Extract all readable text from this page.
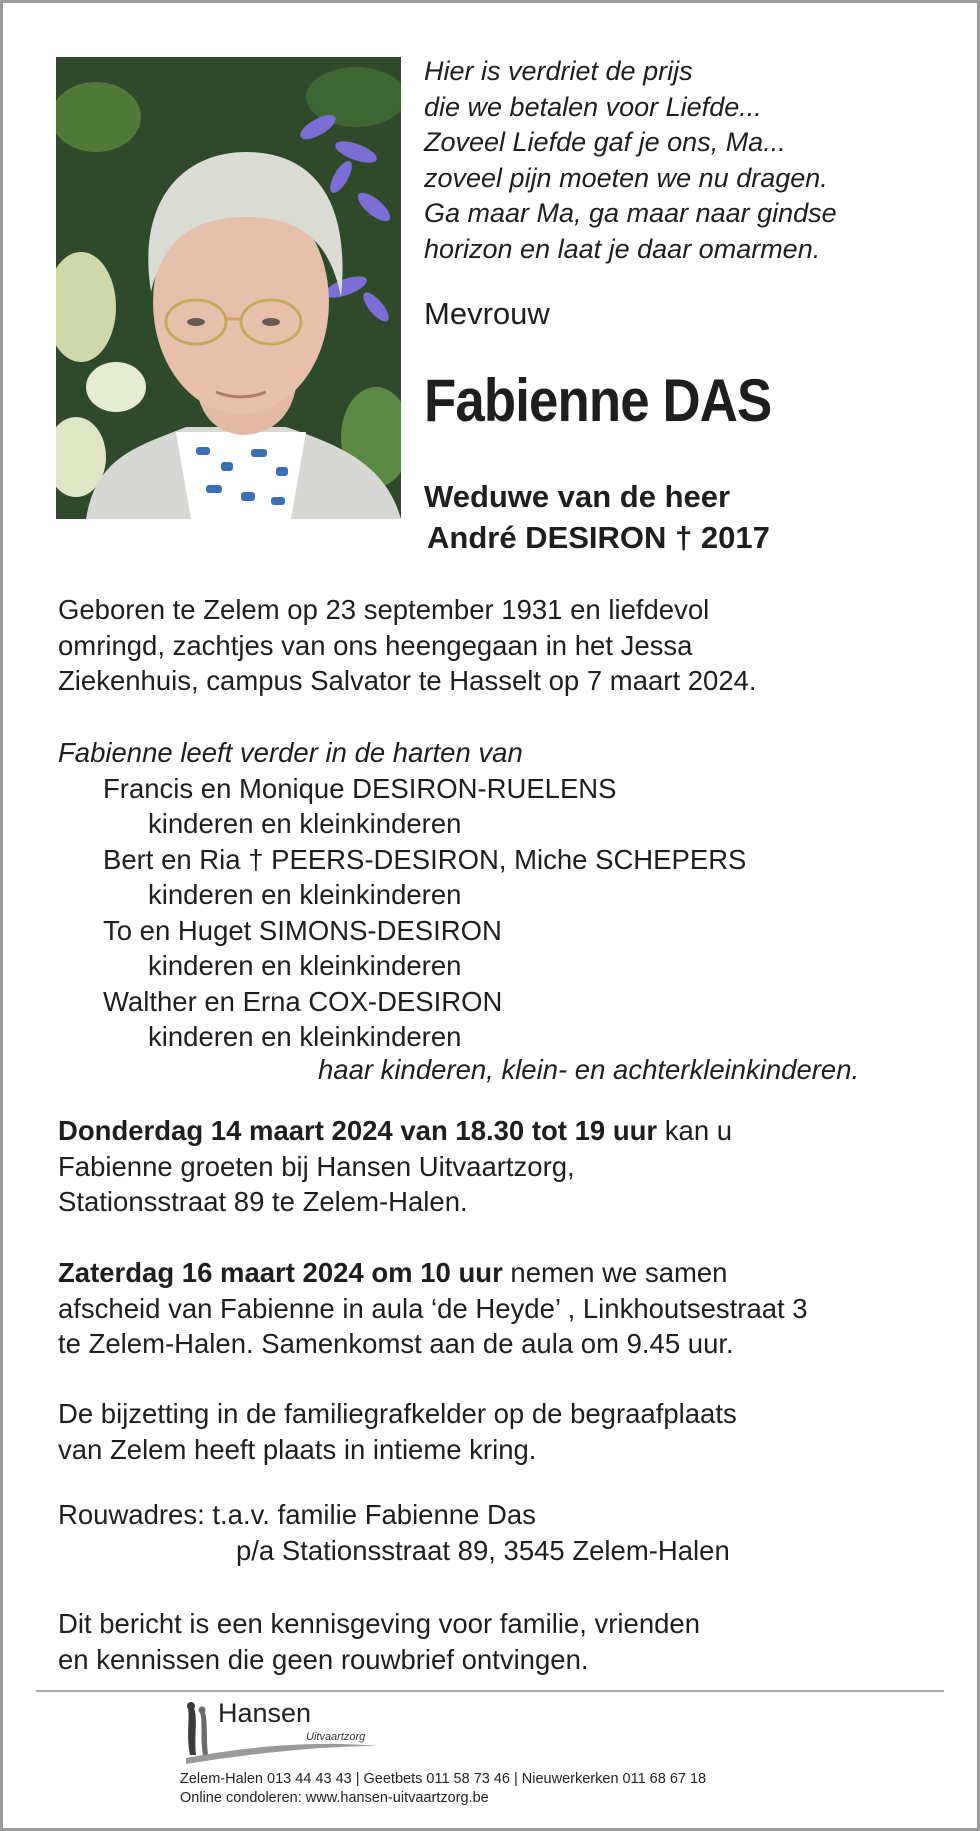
Hier is verdriet de prijs
die we betalen voor Liefde...
Zoveel Liefde gaf je ons, Ma...
zoveel pijn moeten we nu dragen.
Ga maar Ma, ga maar naar gindse
horizon en laat je daar omarmen.
Mevrouw
Fabienne DAS
Weduwe van de heer
André DESIRON † 2017
Geboren te Zelem op 23 september 1931 en liefdevol
omringd, zachtjes van ons heengegaan in het Jessa
Ziekenhuis, campus Salvator te Hasselt op 7 maart 2024.
Fabienne leeft verder in de harten van
Francis en Monique DESIRON-RUELENS
kinderen en kleinkinderen
Bert en Ria † PEERS-DESIRON, Miche SCHEPERS
kinderen en kleinkinderen
To en Huget SIMONS-DESIRON
kinderen en kleinkinderen
Walther en Erna COX-DESIRON
kinderen en kleinkinderen
haar kinderen, klein- en achterkleinkinderen.
Donderdag 14 maart 2024 van 18.30 tot 19 uur kan u
Fabienne groeten bij Hansen Uitvaartzorg,
Stationsstraat 89 te Zelem-Halen.
Zaterdag 16 maart 2024 om 10 uur nemen we samen
afscheid van Fabienne in aula ‘de Heyde’ , Linkhoutsestraat 3
te Zelem-Halen. Samenkomst aan de aula om 9.45 uur.
De bijzetting in de familiegrafkelder op de begraafplaats
van Zelem heeft plaats in intieme kring.
Rouwadres: t.a.v. familie Fabienne Das
p/a Stationsstraat 89, 3545 Zelem-Halen
Dit bericht is een kennisgeving voor familie, vrienden
en kennissen die geen rouwbrief ontvingen.
Hansen
Uitvaartzorg
Zelem-Halen 013 44 43 43 | Geetbets 011 58 73 46 | Nieuwerkerken 011 68 67 18
Online condoleren: www.hansen-uitvaartzorg.be
